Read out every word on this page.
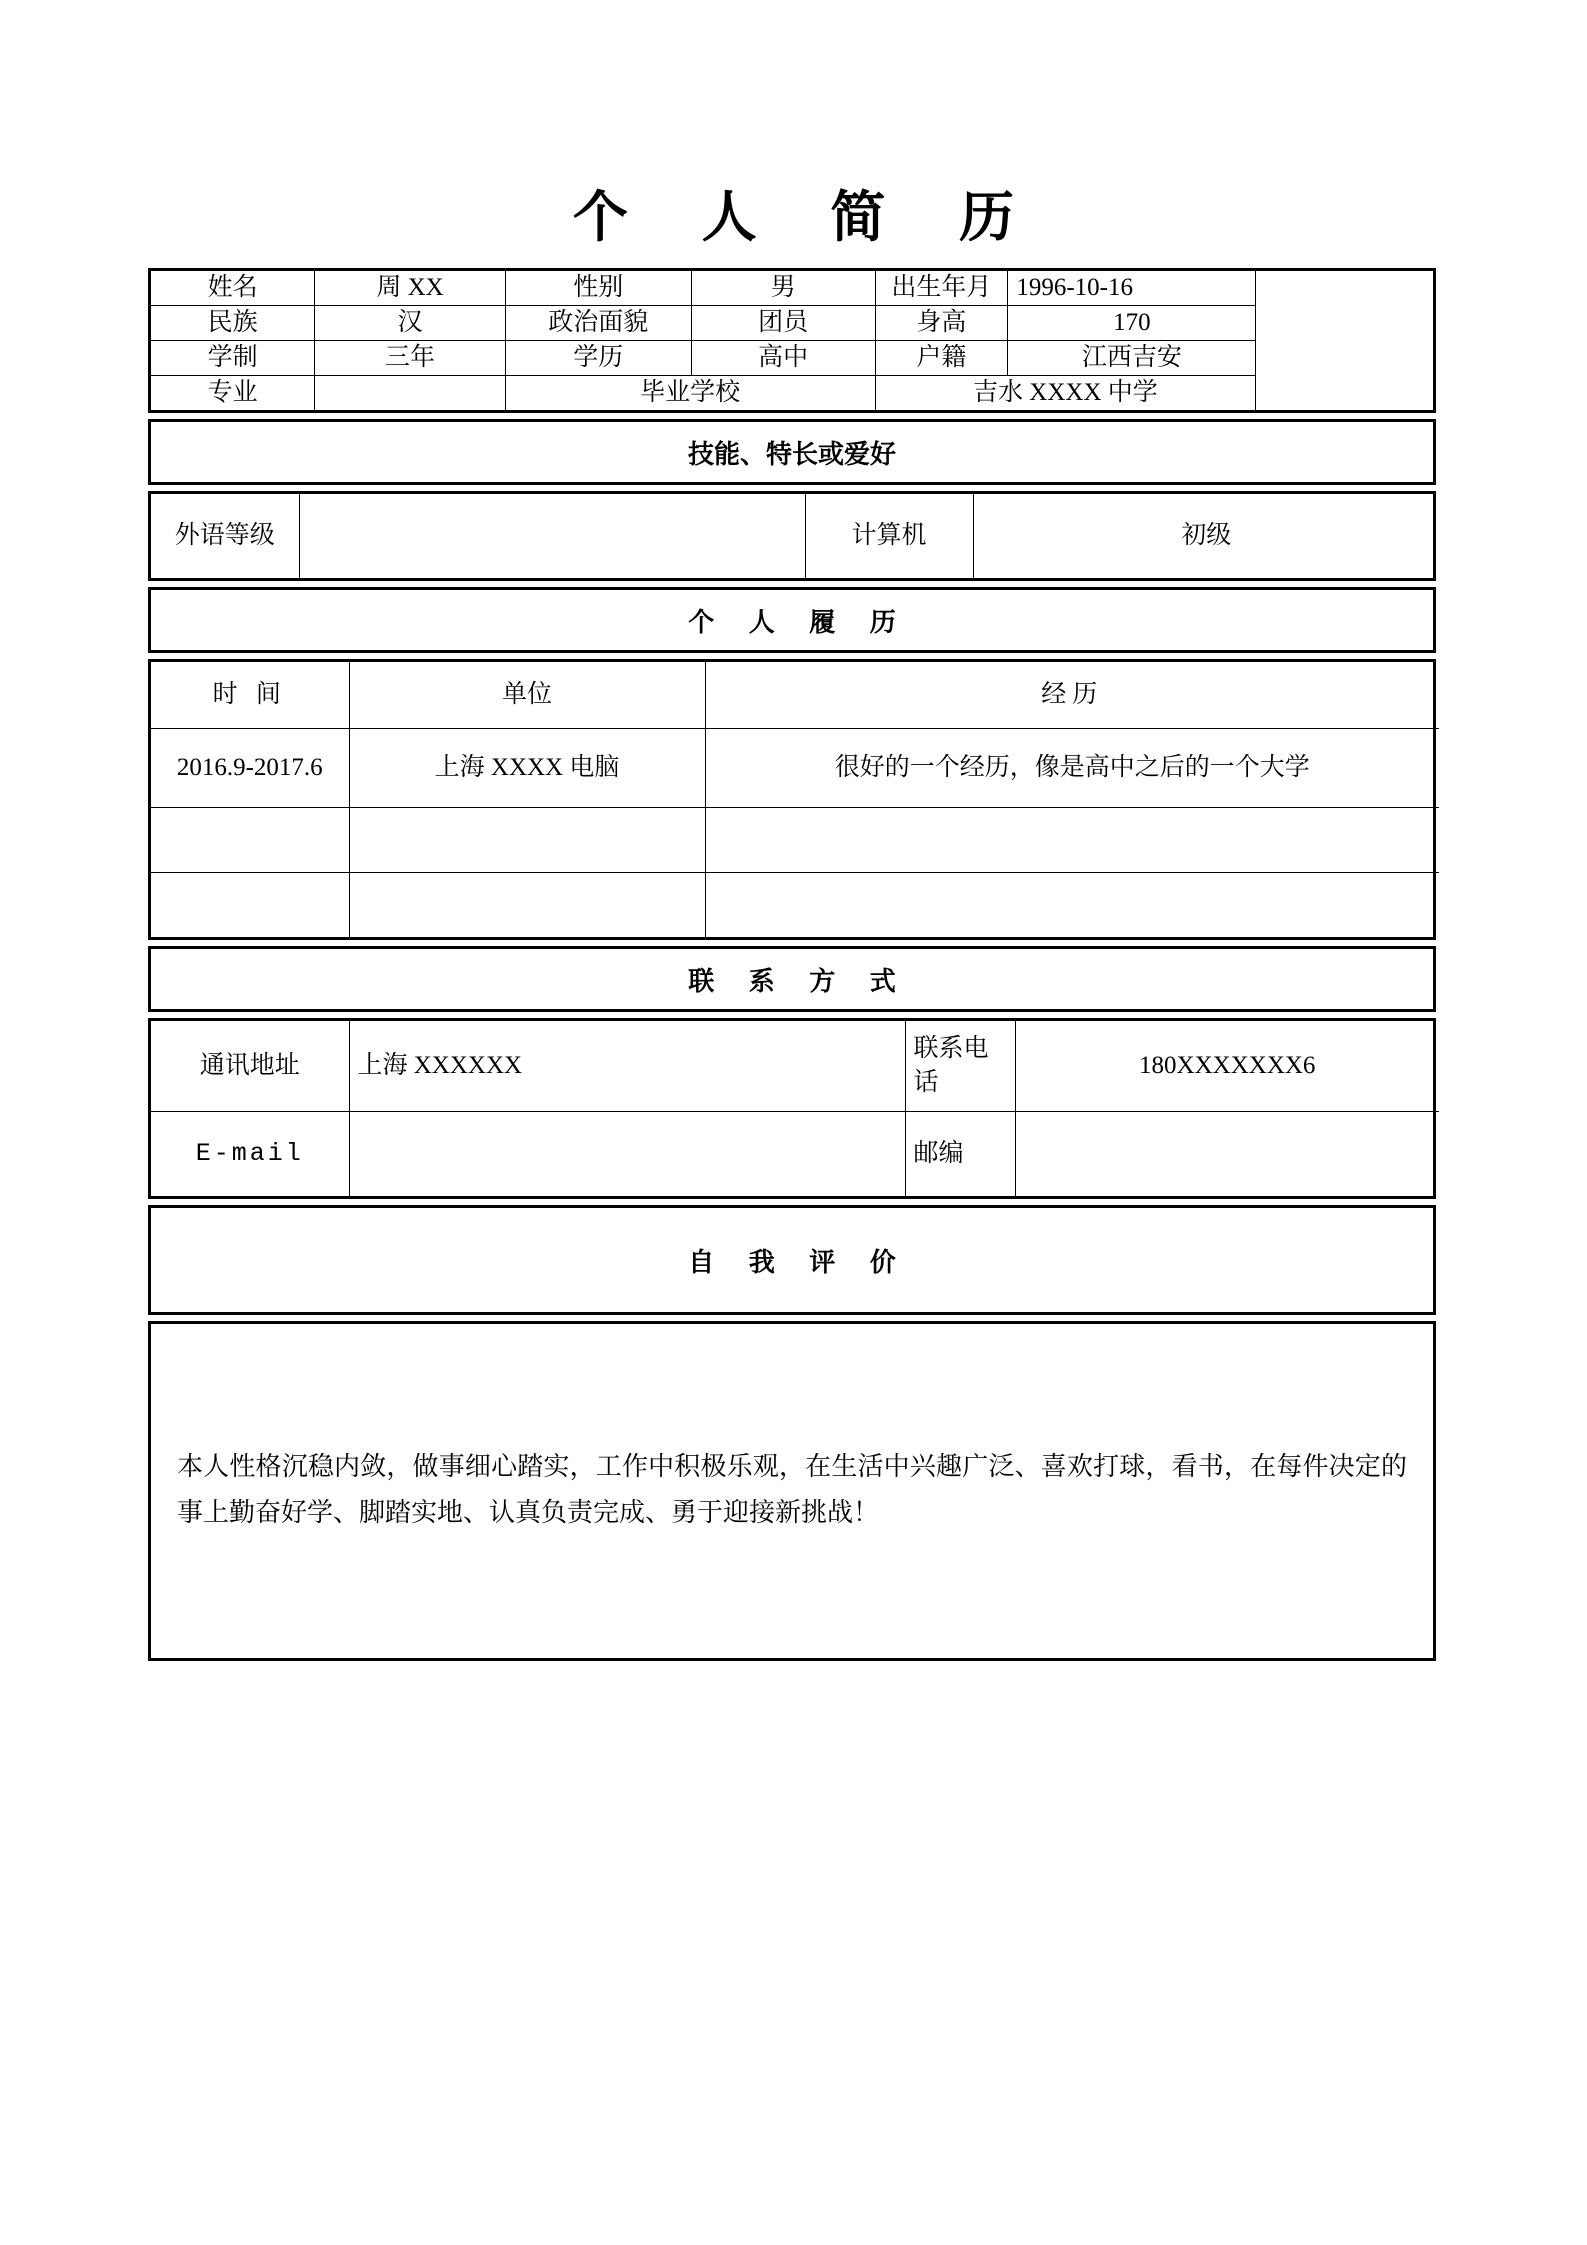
个 人 简 历
姓名	周 XX	性别	男	出生年月	1996-10-16	
民族	汉	政治面貌	团员	身高	170	
学制	三年	学历	高中	户籍	江西吉安	
专业		毕业学校		吉水 XXXX 中学		
技能、特长或爱好
外语等级		计算机	初级
个 人 履 历
时 间	单位	经历
2016.9-2017.6	上海 XXXX 电脑	很好的一个经历，像是高中之后的一个大学

联 系 方 式
通讯地址	上海 XXXXXX	联系电话	180XXXXXXX6
E-mail		邮编	
自 我 评 价
本人性格沉稳内敛，做事细心踏实，工作中积极乐观，在生活中兴趣广泛、喜欢打球，看书，在每件决定的事上勤奋好学、脚踏实地、认真负责完成、勇于迎接新挑战！
